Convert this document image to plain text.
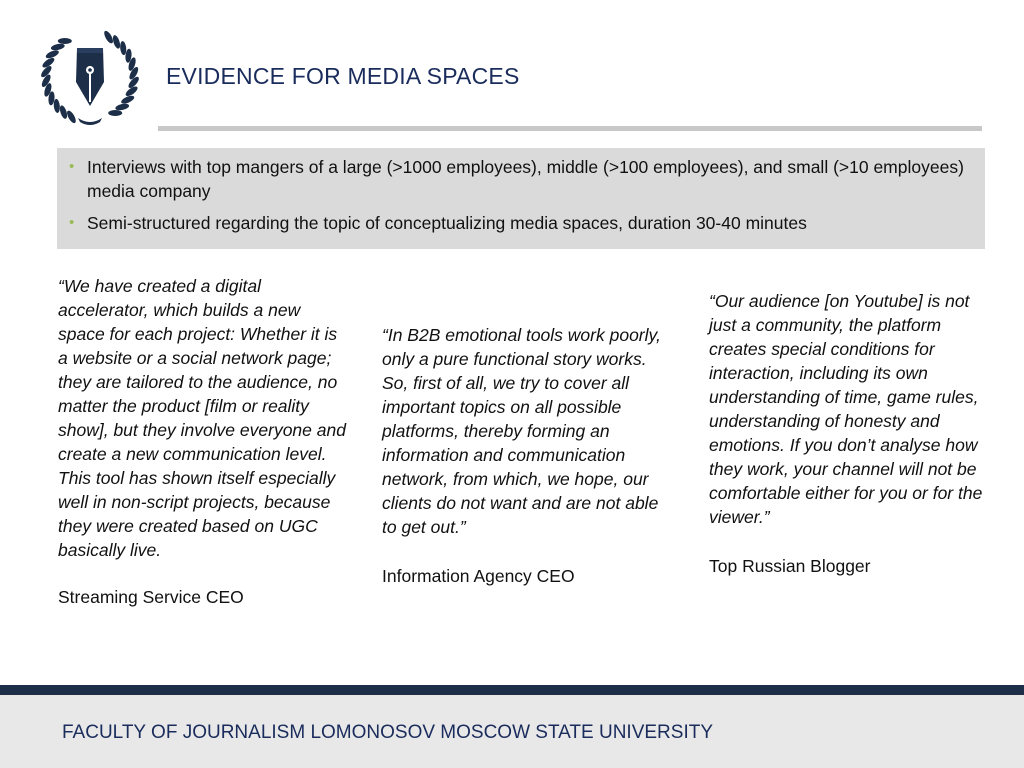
EVIDENCE FOR MEDIA SPACES
• Interviews with top mangers of a large (>1000 employees), middle (>100 employees), and small (>10 employees) media company
• Semi-structured regarding the topic of conceptualizing media spaces, duration 30-40 minutes
“We have created a digital accelerator, which builds a new space for each project: Whether it is a website or a social network page; they are tailored to the audience, no matter the product [film or reality show], but they involve everyone and create a new communication level. This tool has shown itself especially well in non-script projects, because they were created based on UGC basically live.
Streaming Service CEO
“In B2B emotional tools work poorly, only a pure functional story works. So, first of all, we try to cover all important topics on all possible platforms, thereby forming an information and communication network, from which, we hope, our clients do not want and are not able to get out.”
Information Agency CEO
“Our audience [on Youtube] is not just a community, the platform creates special conditions for interaction, including its own understanding of time, game rules, understanding of honesty and emotions. If you don’t analyse how they work, your channel will not be comfortable either for you or for the viewer.”
Top Russian Blogger
FACULTY OF JOURNALISM LOMONOSOV MOSCOW STATE UNIVERSITY
